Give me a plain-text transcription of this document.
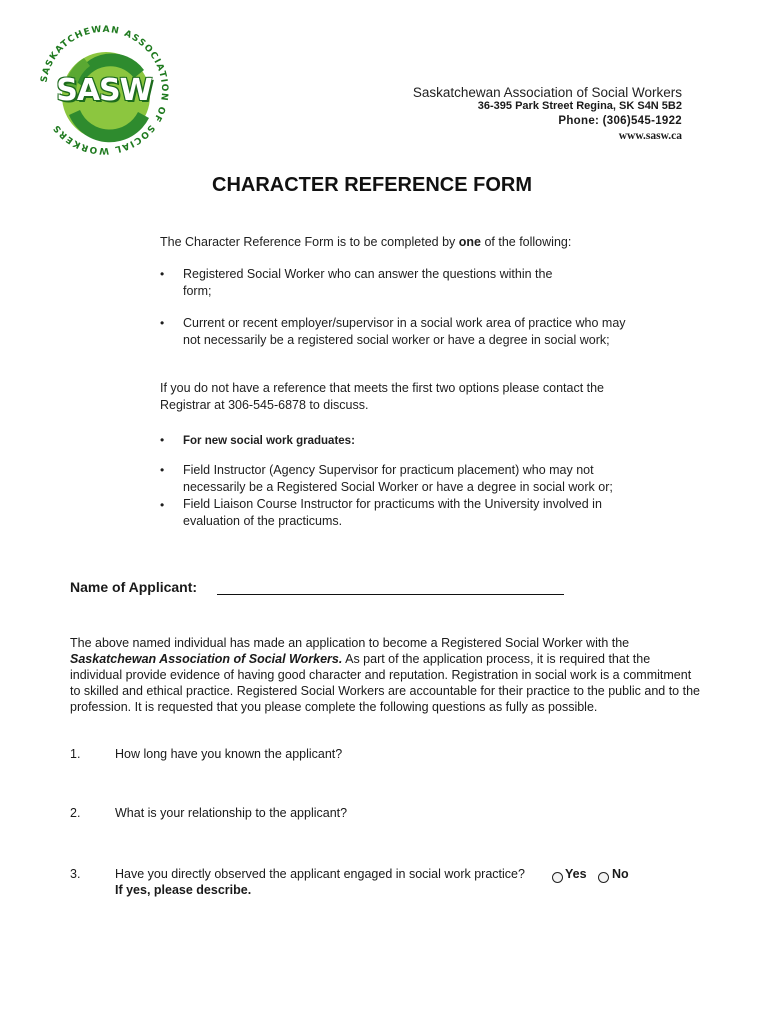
SASKATCHEWAN ASSOCIATION OF SOCIAL WORKERS
SASW	Saskatchewan Association of Social Workers
36-395 Park Street Regina, SK S4N 5B2
Phone: (306)545-1922
www.sasw.ca
CHARACTER REFERENCE FORM
The Character Reference Form is to be completed by one of the following:
• Registered Social Worker who can answer the questions within the form;
• Current or recent employer/supervisor in a social work area of practice who may not necessarily be a registered social worker or have a degree in social work;
If you do not have a reference that meets the first two options please contact the Registrar at 306-545-6878 to discuss.
• For new social work graduates:
• Field Instructor (Agency Supervisor for practicum placement) who may not necessarily be a Registered Social Worker or have a degree in social work or;
• Field Liaison Course Instructor for practicums with the University involved in evaluation of the practicums.
Name of Applicant:
The above named individual has made an application to become a Registered Social Worker with the Saskatchewan Association of Social Workers. As part of the application process, it is required that the individual provide evidence of having good character and reputation. Registration in social work is a commitment to skilled and ethical practice. Registered Social Workers are accountable for their practice to the public and to the profession. It is requested that you please complete the following questions as fully as possible.
1.	How long have you known the applicant?
2.	What is your relationship to the applicant?
3.	Have you directly observed the applicant engaged in social work practice?
If yes, please describe.
Yes No
